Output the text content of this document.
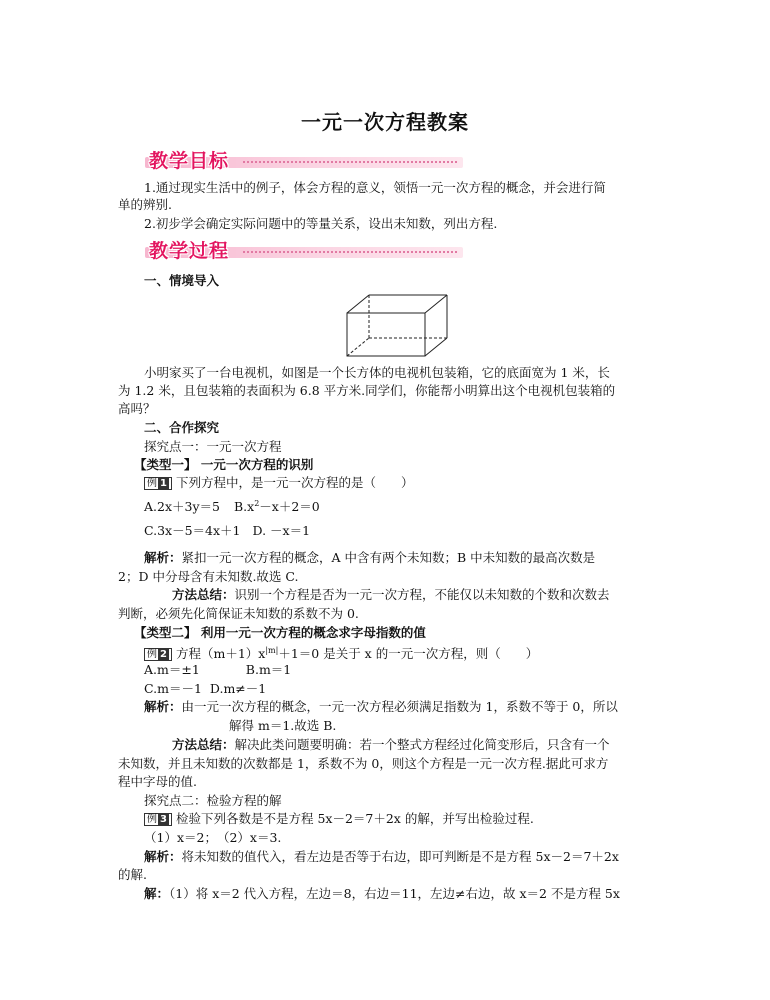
一元一次方程教案
教学目标
1.通过现实生活中的例子，体会方程的意义，领悟一元一次方程的概念，并会进行简
单的辨别.
2.初步学会确定实际问题中的等量关系，设出未知数，列出方程.
教学过程
一、情境导入
小明家买了一台电视机，如图是一个长方体的电视机包装箱，它的底面宽为 1 米，长
为 1.2 米，且包装箱的表面积为 6.8 平方米.同学们，你能帮小明算出这个电视机包装箱的
高吗？
二、合作探究
探究点一：一元一次方程
【类型一】 一元一次方程的识别
例 1 下列方程中，是一元一次方程的是（　　）
A.2x＋3y＝5 $B.x^2-x+2=0$
C.3x－5＝4x＋1 D. －x＝1
解析：紧扣一元一次方程的概念，A 中含有两个未知数；B 中未知数的最高次数是
2；D 中分母含有未知数.故选 C.
方法总结：识别一个方程是否为一元一次方程，不能仅以未知数的个数和次数去
判断，必须先化简保证未知数的系数不为 0.
【类型二】 利用一元一次方程的概念求字母指数的值
例 2 方程$(m+1)x^{|m|}+1=0$ 是关于 x 的一元一次方程，则（　　）
A.m＝±1	B.m＝1
C.m＝－1 D.m≠－1
解析：由一元一次方程的概念，一元一次方程必须满足指数为 1，系数不等于 0，所以
解得 m＝1.故选 B.
方法总结：解决此类问题要明确：若一个整式方程经过化简变形后，只含有一个
未知数，并且未知数的次数都是 1，系数不为 0，则这个方程是一元一次方程.据此可求方
程中字母的值.
探究点二：检验方程的解
例 3 检验下列各数是不是方程 5x－2＝7＋2x 的解，并写出检验过程.
（1）x＝2；　（2）x＝3.
解析：将未知数的值代入，看左边是否等于右边，即可判断是不是方程 5x－2＝7＋2x
的解.
解：（1）将 x＝2 代入方程，左边＝8，右边＝11，左边≠右边，故 x＝2 不是方程 5x
